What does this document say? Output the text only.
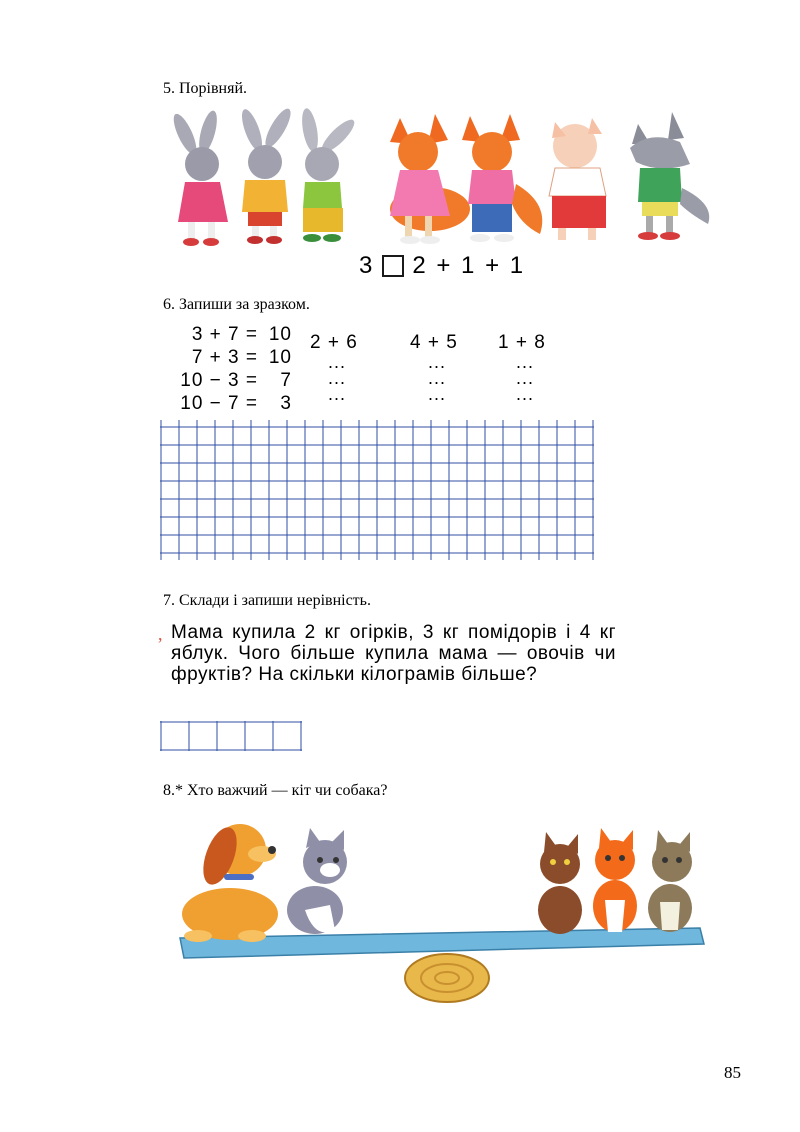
5. Порівняй.
3 2 + 1 + 1
6. Запиши за зразком.
3 + 7 = 10
7 + 3 = 10
10 − 3 =	7
10 − 7 =	3
2 + 6
...
...
...
4 + 5
...
...
...
1 + 8
...
...
...
7. Склади і запиши нерівність.
, Мама купила 2 кг огірків, 3 кг помідорів і 4 кг яблук. Чого більше купила мама — овочів чи фруктів? На скільки кілограмів більше?
8.* Хто важчий — кіт чи собака?
85
